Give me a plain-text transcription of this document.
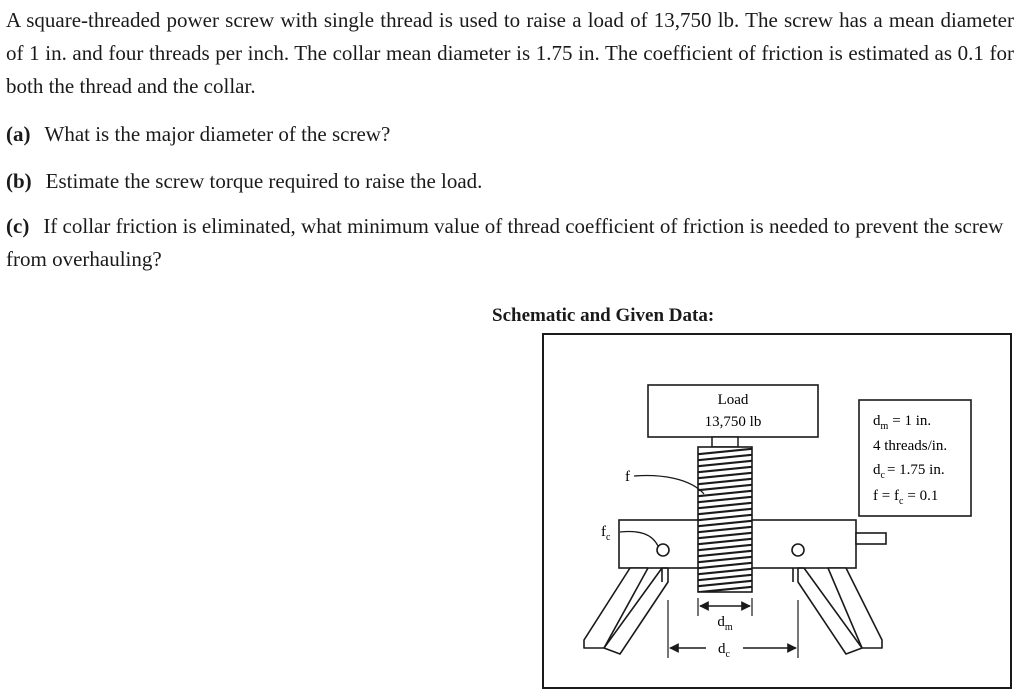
A square-threaded power screw with single thread is used to raise a load of 13,750 lb. The screw has a mean diameter of 1 in. and four threads per inch. The collar mean diameter is 1.75 in. The coefficient of friction is estimated as 0.1 for both the thread and the collar.

(a) What is the major diameter of the screw?

(b) Estimate the screw torque required to raise the load.

(c) If collar friction is eliminated, what minimum value of thread coefficient of friction is needed to prevent the screw from overhauling?

Schematic and Given Data:

Load
13,750 lb
f
$f_c$
$d_m$
$d_c$
$d_m = 1$ in.
4 threads/in.
$d_c = 1.75$ in.
$f = f_c = 0.1$
